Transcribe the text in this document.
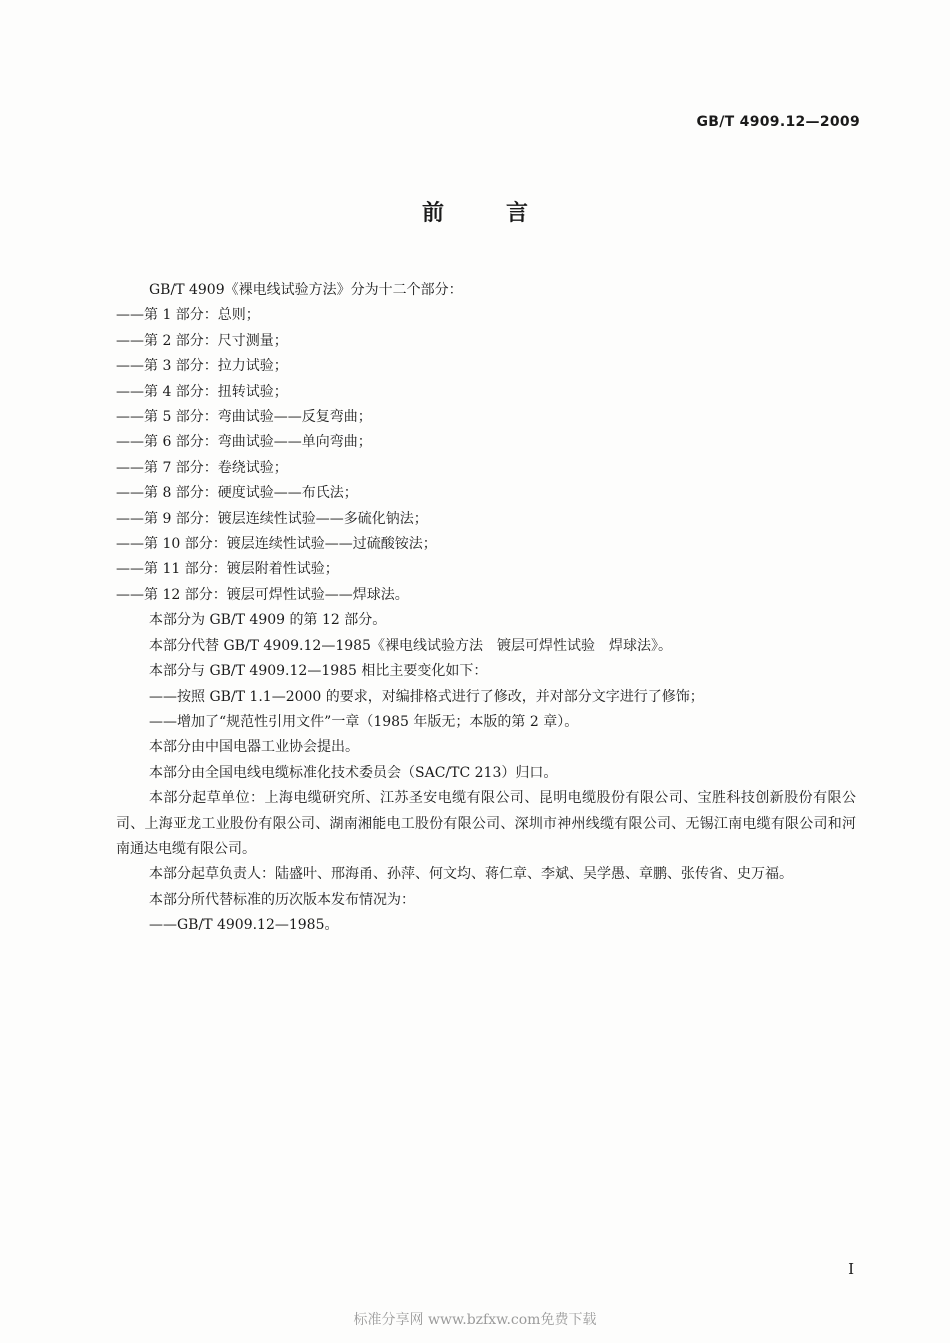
GB/T 4909.12—2009
前言
GB/T 4909《裸电线试验方法》分为十二个部分：
——第 1 部分：总则；
——第 2 部分：尺寸测量；
——第 3 部分：拉力试验；
——第 4 部分：扭转试验；
——第 5 部分：弯曲试验——反复弯曲；
——第 6 部分：弯曲试验——单向弯曲；
——第 7 部分：卷绕试验；
——第 8 部分：硬度试验——布氏法；
——第 9 部分：镀层连续性试验——多硫化钠法；
——第 10 部分：镀层连续性试验——过硫酸铵法；
——第 11 部分：镀层附着性试验；
——第 12 部分：镀层可焊性试验——焊球法。
本部分为 GB/T 4909 的第 12 部分。
本部分代替 GB/T 4909.12—1985《裸电线试验方法　镀层可焊性试验　焊球法》。
本部分与 GB/T 4909.12—1985 相比主要变化如下：
——按照 GB/T 1.1—2000 的要求，对编排格式进行了修改，并对部分文字进行了修饰；
——增加了“规范性引用文件”一章（1985 年版无；本版的第 2 章）。
本部分由中国电器工业协会提出。
本部分由全国电线电缆标准化技术委员会（SAC/TC 213）归口。
本部分起草单位：上海电缆研究所、江苏圣安电缆有限公司、昆明电缆股份有限公司、宝胜科技创新股份有限公司、上海亚龙工业股份有限公司、湖南湘能电工股份有限公司、深圳市神州线缆有限公司、无锡江南电缆有限公司和河南通达电缆有限公司。
本部分起草负责人：陆盛叶、邢海甬、孙萍、何文均、蒋仁章、李斌、吴学愚、章鹏、张传省、史万福。
本部分所代替标准的历次版本发布情况为：
——GB/T 4909.12—1985。
I
标准分享网 www.bzfxw.com免费下载
